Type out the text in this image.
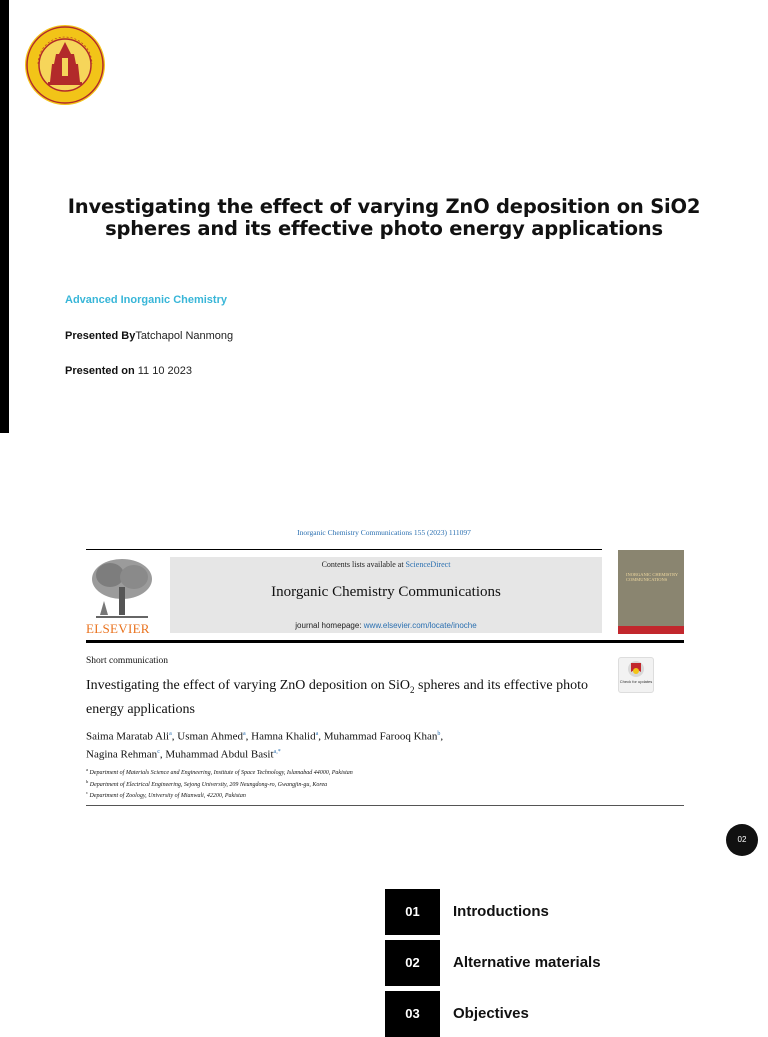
Investigating the effect of varying ZnO deposition on SiO2 spheres and its effective photo energy applications
Advanced Inorganic Chemistry
Presented ByTatchapol Nanmong
Presented on 11 10 2023
Inorganic Chemistry Communications 155 (2023) 111097
ELSEVIER
Contents lists available at ScienceDirect
Inorganic Chemistry Communications
journal homepage: www.elsevier.com/locate/inoche
INORGANIC CHEMISTRY COMMUNICATIONS
Short communication
Investigating the effect of varying ZnO deposition on SiO$_2$ spheres and its effective photo energy applications
Check for updates
Saima Maratab Ali$^a$, Usman Ahmed$^a$, Hamna Khalid$^a$, Muhammad Farooq Khan$^b$,
Nagina Rehman$^c$, Muhammad Abdul Basit$^{a,*}$
$^a$ Department of Materials Science and Engineering, Institute of Space Technology, Islamabad 44000, Pakistan
$^b$ Department of Electrical Engineering, Sejong University, 209 Neungdong-ro, Gwangjin-gu, Korea
$^c$ Department of Zoology, University of Mianwali, 42200, Pakistan
02
01	Introductions
02	Alternative materials
03	Objectives
